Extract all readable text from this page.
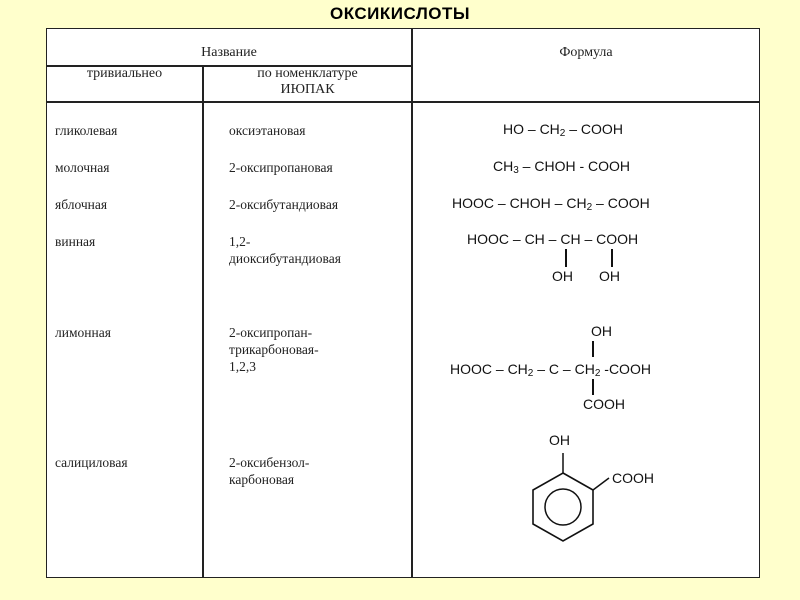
ОКСИКИСЛОТЫ
Название
тривиальнео	по номенклатуре
ИЮПАК
Формула
гликолевая
молочная
яблочная
винная
лимонная
салициловая
оксиэтановая
2-оксипропановая
2-оксибутандиовая
1,2-
диоксибутандиовая
2-оксипропан-
трикарбоновая-
1,2,3
2-оксибензол-
карбоновая
HO – $CH_2$ – COOH
$CH_3$ – CHOH - COOH
HOOC – CHOH – $CH_2$ – COOH
HOOC – CH – CH – COOH
OH OH
OH
HOOC – $CH_2$ – C – $CH_2$ -COOH
COOH
OH
COOH
